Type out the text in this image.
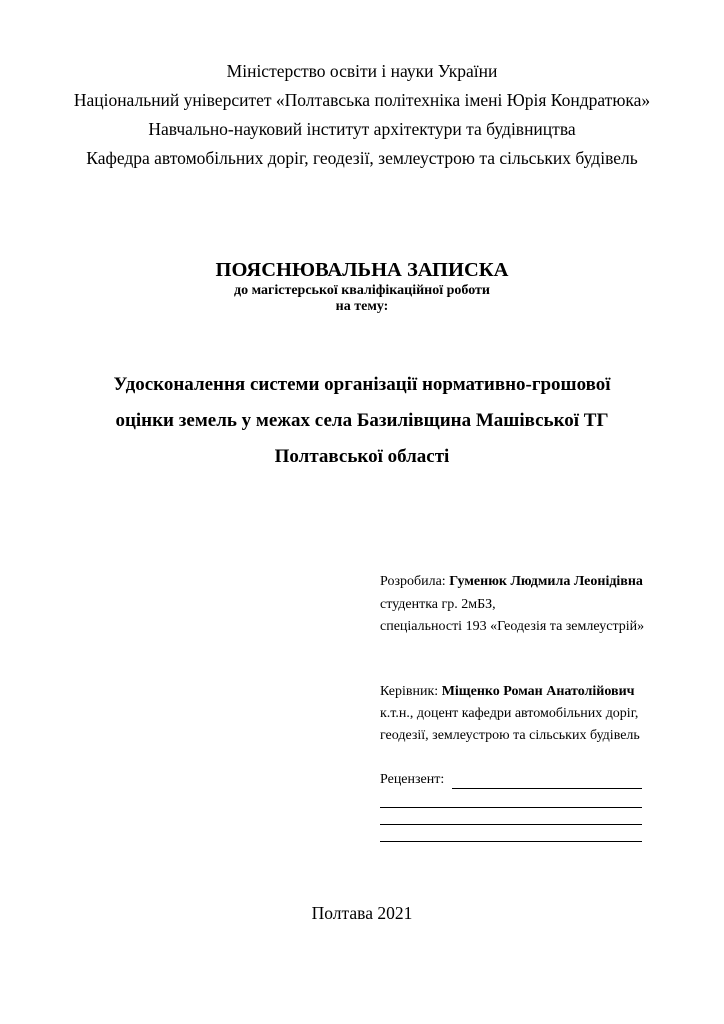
Міністерство освіти і науки України
Національний університет «Полтавська політехніка імені Юрія Кондратюка»
Навчально-науковий інститут архітектури та будівництва
Кафедра автомобільних доріг, геодезії, землеустрою та сільських будівель
ПОЯСНЮВАЛЬНА ЗАПИСКА
до магістерської кваліфікаційної роботи
на тему:
Удосконалення системи організації нормативно-грошової
оцінки земель у межах села Базилівщина Машівської ТГ
Полтавської області
Розробила: Гуменюк Людмила Леонідівна
студентка гр. 2мБЗ,
спеціальності 193 «Геодезія та землеустрій»
Керівник: Міщенко Роман Анатолійович
к.т.н., доцент кафедри автомобільних доріг,
геодезії, землеустрою та сільських будівель
Рецензент:
Полтава 2021
